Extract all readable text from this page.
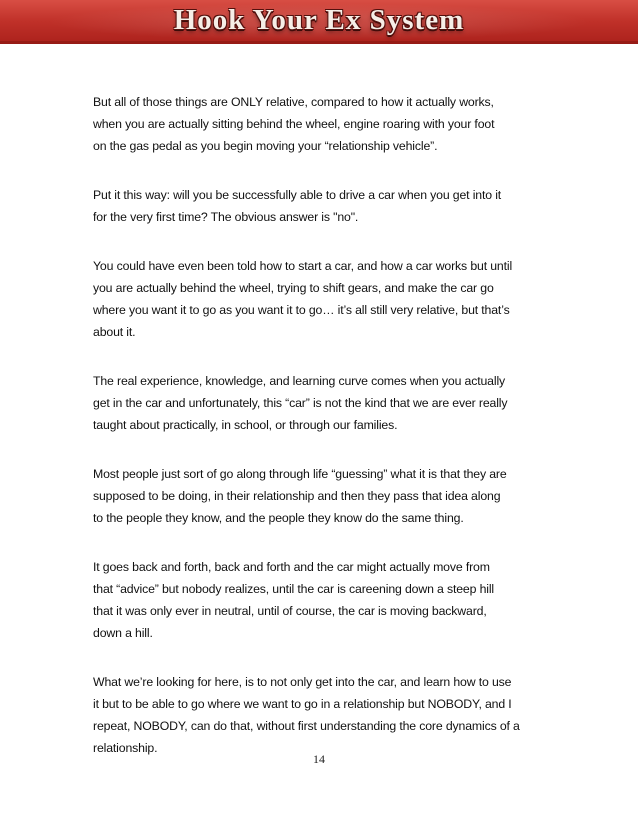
Hook Your Ex System

But all of those things are ONLY relative, compared to how it actually works,
when you are actually sitting behind the wheel, engine roaring with your foot
on the gas pedal as you begin moving your “relationship vehicle”.

Put it this way: will you be successfully able to drive a car when you get into it
for the very first time? The obvious answer is "no".

You could have even been told how to start a car, and how a car works but until
you are actually behind the wheel, trying to shift gears, and make the car go
where you want it to go as you want it to go… it’s all still very relative, but that’s
about it.

The real experience, knowledge, and learning curve comes when you actually
get in the car and unfortunately, this “car” is not the kind that we are ever really
taught about practically, in school, or through our families.

Most people just sort of go along through life “guessing” what it is that they are
supposed to be doing, in their relationship and then they pass that idea along
to the people they know, and the people they know do the same thing.

It goes back and forth, back and forth and the car might actually move from
that “advice” but nobody realizes, until the car is careening down a steep hill
that it was only ever in neutral, until of course, the car is moving backward,
down a hill.

What we’re looking for here, is to not only get into the car, and learn how to use
it but to be able to go where we want to go in a relationship but NOBODY, and I
repeat, NOBODY, can do that, without first understanding the core dynamics of a
relationship.

14
